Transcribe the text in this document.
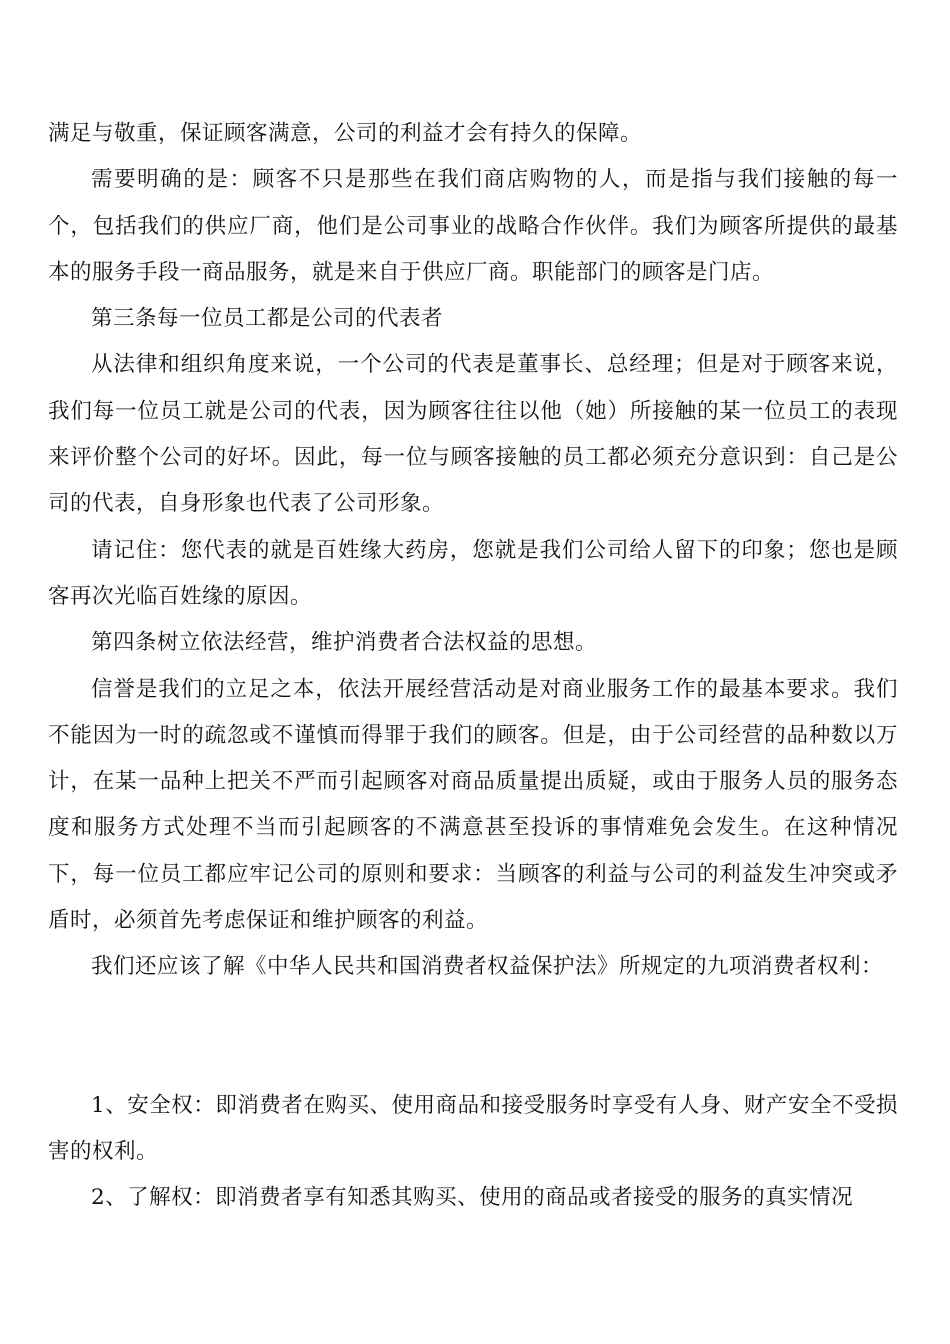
满足与敬重，保证顾客满意，公司的利益才会有持久的保障。

需要明确的是：顾客不只是那些在我们商店购物的人，而是指与我们接触的每一个，包括我们的供应厂商，他们是公司事业的战略合作伙伴。我们为顾客所提供的最基本的服务手段一商品服务，就是来自于供应厂商。职能部门的顾客是门店。

第三条每一位员工都是公司的代表者

从法律和组织角度来说，一个公司的代表是董事长、总经理；但是对于顾客来说，我们每一位员工就是公司的代表，因为顾客往往以他（她）所接触的某一位员工的表现来评价整个公司的好坏。因此，每一位与顾客接触的员工都必须充分意识到：自己是公司的代表，自身形象也代表了公司形象。

请记住：您代表的就是百姓缘大药房，您就是我们公司给人留下的印象；您也是顾客再次光临百姓缘的原因。

第四条树立依法经营，维护消费者合法权益的思想。

信誉是我们的立足之本，依法开展经营活动是对商业服务工作的最基本要求。我们不能因为一时的疏忽或不谨慎而得罪于我们的顾客。但是，由于公司经营的品种数以万计，在某一品种上把关不严而引起顾客对商品质量提出质疑，或由于服务人员的服务态度和服务方式处理不当而引起顾客的不满意甚至投诉的事情难免会发生。在这种情况下，每一位员工都应牢记公司的原则和要求：当顾客的利益与公司的利益发生冲突或矛盾时，必须首先考虑保证和维护顾客的利益。

我们还应该了解《中华人民共和国消费者权益保护法》所规定的九项消费者权利：

1、安全权：即消费者在购买、使用商品和接受服务时享受有人身、财产安全不受损害的权利。

2、了解权：即消费者享有知悉其购买、使用的商品或者接受的服务的真实情况
